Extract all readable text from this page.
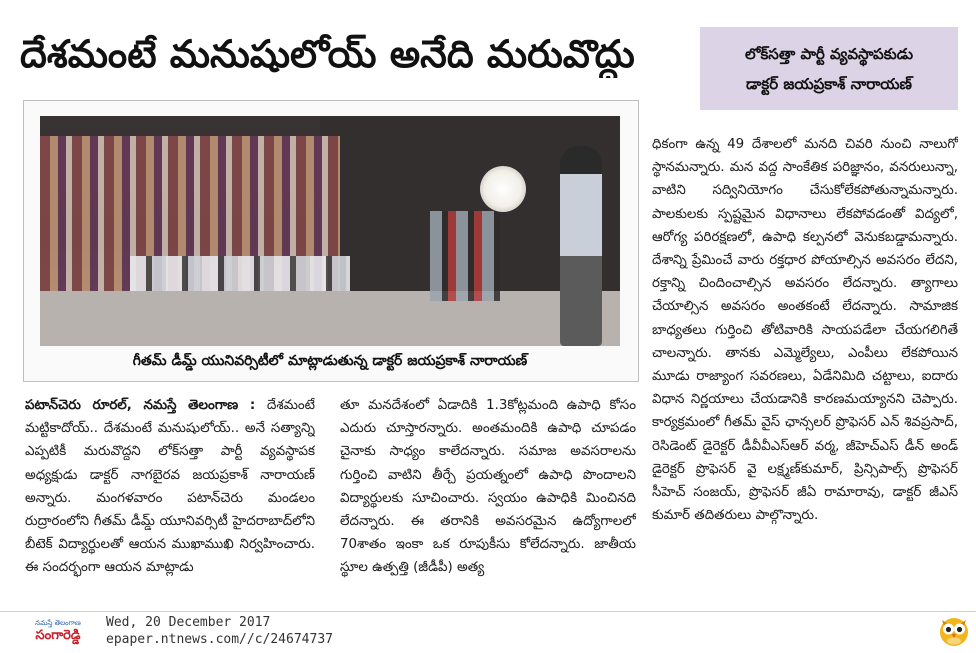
దేశమంటే మనుషులోయ్ అనేది మరువొద్దు	లోక్‌సత్తా పార్టీ వ్యవస్థాపకుడు
డాక్టర్ జయప్రకాశ్ నారాయణ్
గీతమ్ డీమ్డ్ యునివర్సిటీలో మాట్లాడుతున్న డాక్టర్ జయప్రకాశ్ నారాయణ్
పటాన్‌చెరు రూరల్, నమస్తే తెలంగాణ : దేశమంటే మట్టికాదోయ్.. దేశమంటే మనుషులోయ్.. అనే సత్యాన్ని ఎప్పటికీ మరువొద్దని లోక్‌సత్తా పార్టీ వ్యవస్థాపక అధ్యక్షుడు డాక్టర్ నాగబైరవ జయప్రకాశ్ నారాయణ్ అన్నారు. మంగళవారం పటాన్‌చెరు మండలం రుద్రారంలోని గీతమ్ డీమ్డ్ యూనివర్సిటీ హైదరాబాద్‌లోని బీటెక్ విద్యార్థులతో ఆయన ముఖాముఖి నిర్వహించారు. ఈ సందర్భంగా ఆయన మాట్లాడు
తూ మనదేశంలో ఏడాదికి 1.3కోట్లమంది ఉపాధి కోసం ఎదురు చూస్తారన్నారు. అంతమందికి ఉపాధి చూపడం చైనాకు సాధ్యం కాలేదన్నారు. సమాజ అవసరాలను గుర్తించి వాటిని తీర్చే ప్రయత్నంలో ఉపాధి పొందాలని విద్యార్థులకు సూచించారు. స్వయం ఉపాధికి మించినది లేదన్నారు. ఈ తరానికి అవసరమైన ఉద్యోగాలలో 70శాతం ఇంకా ఒక రూపుకీసు కోలేదన్నారు. జాతీయ స్థూల ఉత్పత్తి (జీడీపీ) అత్య
ధికంగా ఉన్న 49 దేశాలలో మనది చివరి నుంచి నాలుగో స్థానమన్నారు. మన వద్ద సాంకేతిక పరిజ్ఞానం, వనరులున్నా, వాటిని సద్వినియోగం చేసుకోలేకపోతున్నామన్నారు. పాలకులకు స్పష్టమైన విధానాలు లేకపోవడంతో విద్యలో, ఆరోగ్య పరిరక్షణలో, ఉపాధి కల్పనలో వెనుకబడ్డామన్నారు. దేశాన్ని ప్రేమించే వారు రక్తధార పోయాల్సిన అవసరం లేదని, రక్తాన్ని చిందించాల్సిన అవసరం లేదన్నారు. త్యాగాలు చేయాల్సిన అవసరం అంతకంటే లేదన్నారు. సామాజిక బాధ్యతలు గుర్తించి తోటివారికి సాయపడేలా చేయగలిగితే చాలన్నారు. తానకు ఎమ్మెల్యేలు, ఎంపీలు లేకపోయిన మూడు రాజ్యాంగ సవరణలు, ఏడేనిమిది చట్టాలు, ఐదారు విధాన నిర్ణయాలు చేయడానికి కారణమయ్యానని చెప్పారు. కార్యక్రమంలో గీతమ్ వైస్ ఛాన్సలర్ ప్రొఫెసర్ ఎన్ శివప్రసాద్, రెసిడెంట్ డైరెక్టర్ డీవీవీఎస్‌ఆర్ వర్మ, జీహెచ్‌ఎస్ డీన్ అండ్ డైరెక్టర్ ప్రొఫెసర్ వై లక్ష్మణ్‌కుమార్, ప్రిన్సిపాల్స్ ప్రొఫెసర్ సీహెచ్ సంజయ్, ప్రొఫెసర్ జీఏ రామారావు, డాక్టర్ జీఎస్ కుమార్ తదితరులు పాల్గొన్నారు.
నమస్తే తెలంగాణ
సంగారెడ్డి
Wed, 20 December 2017
epaper.ntnews.com//c/24674737
